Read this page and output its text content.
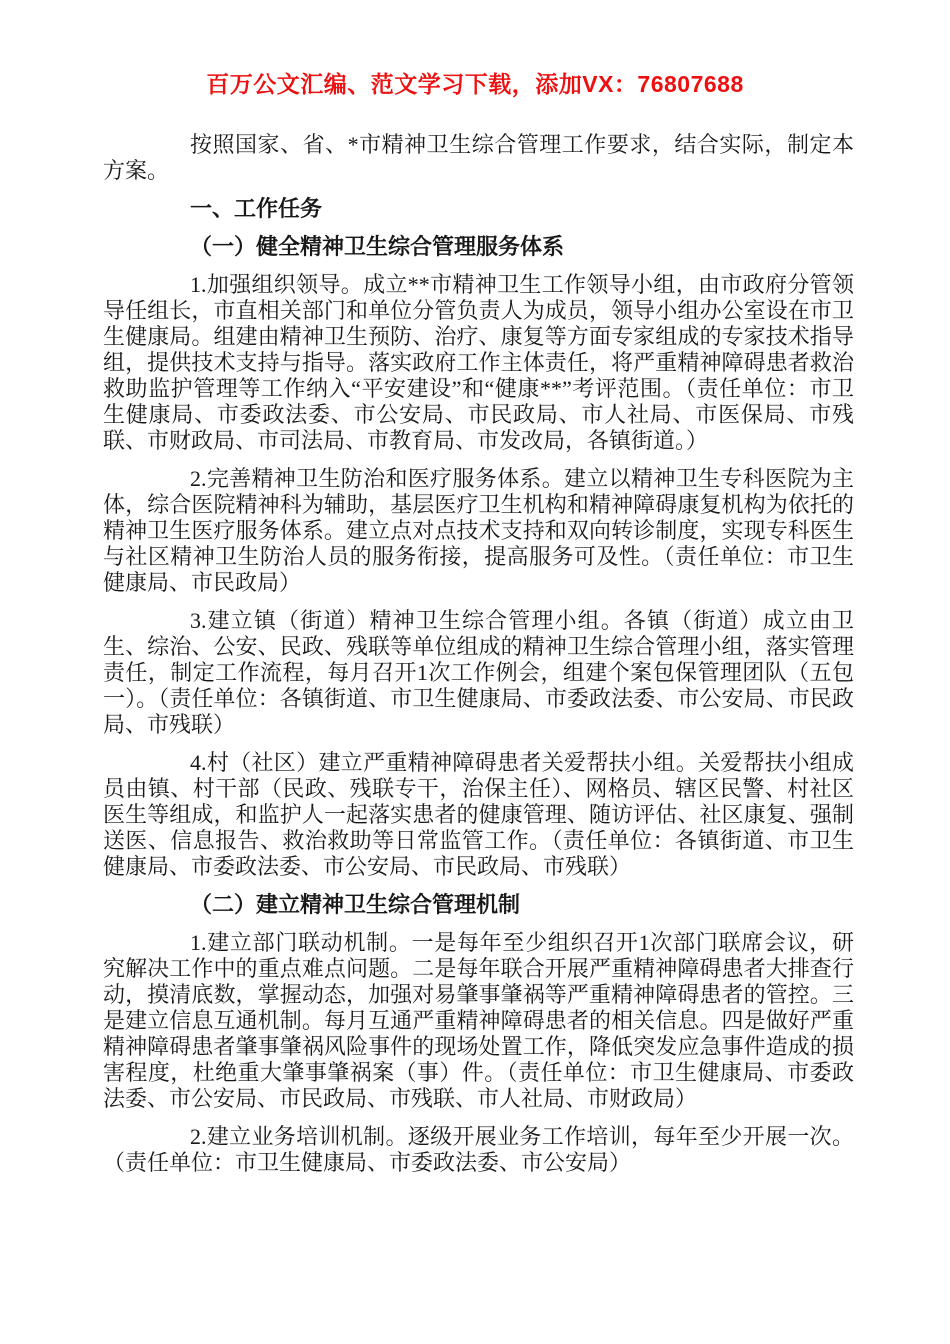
百万公文汇编、范文学习下载，添加VX：76807688

按照国家、省、*市精神卫生综合管理工作要求，结合实际，制定本方案。

一、工作任务

（一）健全精神卫生综合管理服务体系

1.加强组织领导。成立**市精神卫生工作领导小组，由市政府分管领导任组长，市直相关部门和单位分管负责人为成员，领导小组办公室设在市卫生健康局。组建由精神卫生预防、治疗、康复等方面专家组成的专家技术指导组，提供技术支持与指导。落实政府工作主体责任，将严重精神障碍患者救治救助监护管理等工作纳入“平安建设”和“健康**”考评范围。（责任单位：市卫生健康局、市委政法委、市公安局、市民政局、市人社局、市医保局、市残联、市财政局、市司法局、市教育局、市发改局，各镇街道。）

2.完善精神卫生防治和医疗服务体系。建立以精神卫生专科医院为主体，综合医院精神科为辅助，基层医疗卫生机构和精神障碍康复机构为依托的精神卫生医疗服务体系。建立点对点技术支持和双向转诊制度，实现专科医生与社区精神卫生防治人员的服务衔接，提高服务可及性。（责任单位：市卫生健康局、市民政局）

3.建立镇（街道）精神卫生综合管理小组。各镇（街道）成立由卫生、综治、公安、民政、残联等单位组成的精神卫生综合管理小组，落实管理责任，制定工作流程，每月召开1次工作例会，组建个案包保管理团队（五包一）。（责任单位：各镇街道、市卫生健康局、市委政法委、市公安局、市民政局、市残联）

4.村（社区）建立严重精神障碍患者关爱帮扶小组。关爱帮扶小组成员由镇、村干部（民政、残联专干，治保主任）、网格员、辖区民警、村社区医生等组成，和监护人一起落实患者的健康管理、随访评估、社区康复、强制送医、信息报告、救治救助等日常监管工作。（责任单位：各镇街道、市卫生健康局、市委政法委、市公安局、市民政局、市残联）

（二）建立精神卫生综合管理机制

1.建立部门联动机制。一是每年至少组织召开1次部门联席会议，研究解决工作中的重点难点问题。二是每年联合开展严重精神障碍患者大排查行动，摸清底数，掌握动态，加强对易肇事肇祸等严重精神障碍患者的管控。三是建立信息互通机制。每月互通严重精神障碍患者的相关信息。四是做好严重精神障碍患者肇事肇祸风险事件的现场处置工作，降低突发应急事件造成的损害程度，杜绝重大肇事肇祸案（事）件。（责任单位：市卫生健康局、市委政法委、市公安局、市民政局、市残联、市人社局、市财政局）

2.建立业务培训机制。逐级开展业务工作培训，每年至少开展一次。（责任单位：市卫生健康局、市委政法委、市公安局）
